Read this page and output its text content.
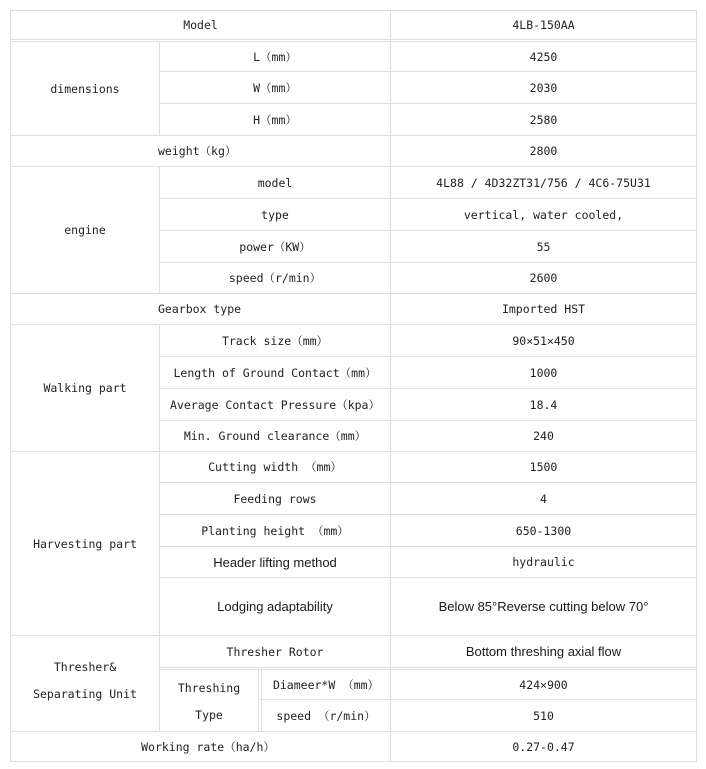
Model	4LB-150AA
dimensions
L（mm）	4250
W（mm）	2030
H（mm）	2580
weight（kg）	2800
engine
model	4L88 / 4D32ZT31/756 / 4C6-75U31
type	vertical, water cooled,
power（KW）	55
speed（r/min）	2600
Gearbox type	Imported HST
Walking part
Track size（mm）	90×51×450
Length of Ground Contact（mm）	1000
Average Contact Pressure（kpa）	18.4
Min. Ground clearance（mm）	240
Harvesting part
Cutting width （mm）	1500
Feeding rows	4
Planting height （mm）	650-1300
Header lifting method	hydraulic
Lodging adaptability	Below 85°Reverse cutting below 70°
Thresher&
Separating Unit
Thresher Rotor	Bottom threshing axial flow
Threshing
Type
Diameer*W （mm）	424×900
speed （r/min）	510
Working rate（ha/h）	0.27-0.47
